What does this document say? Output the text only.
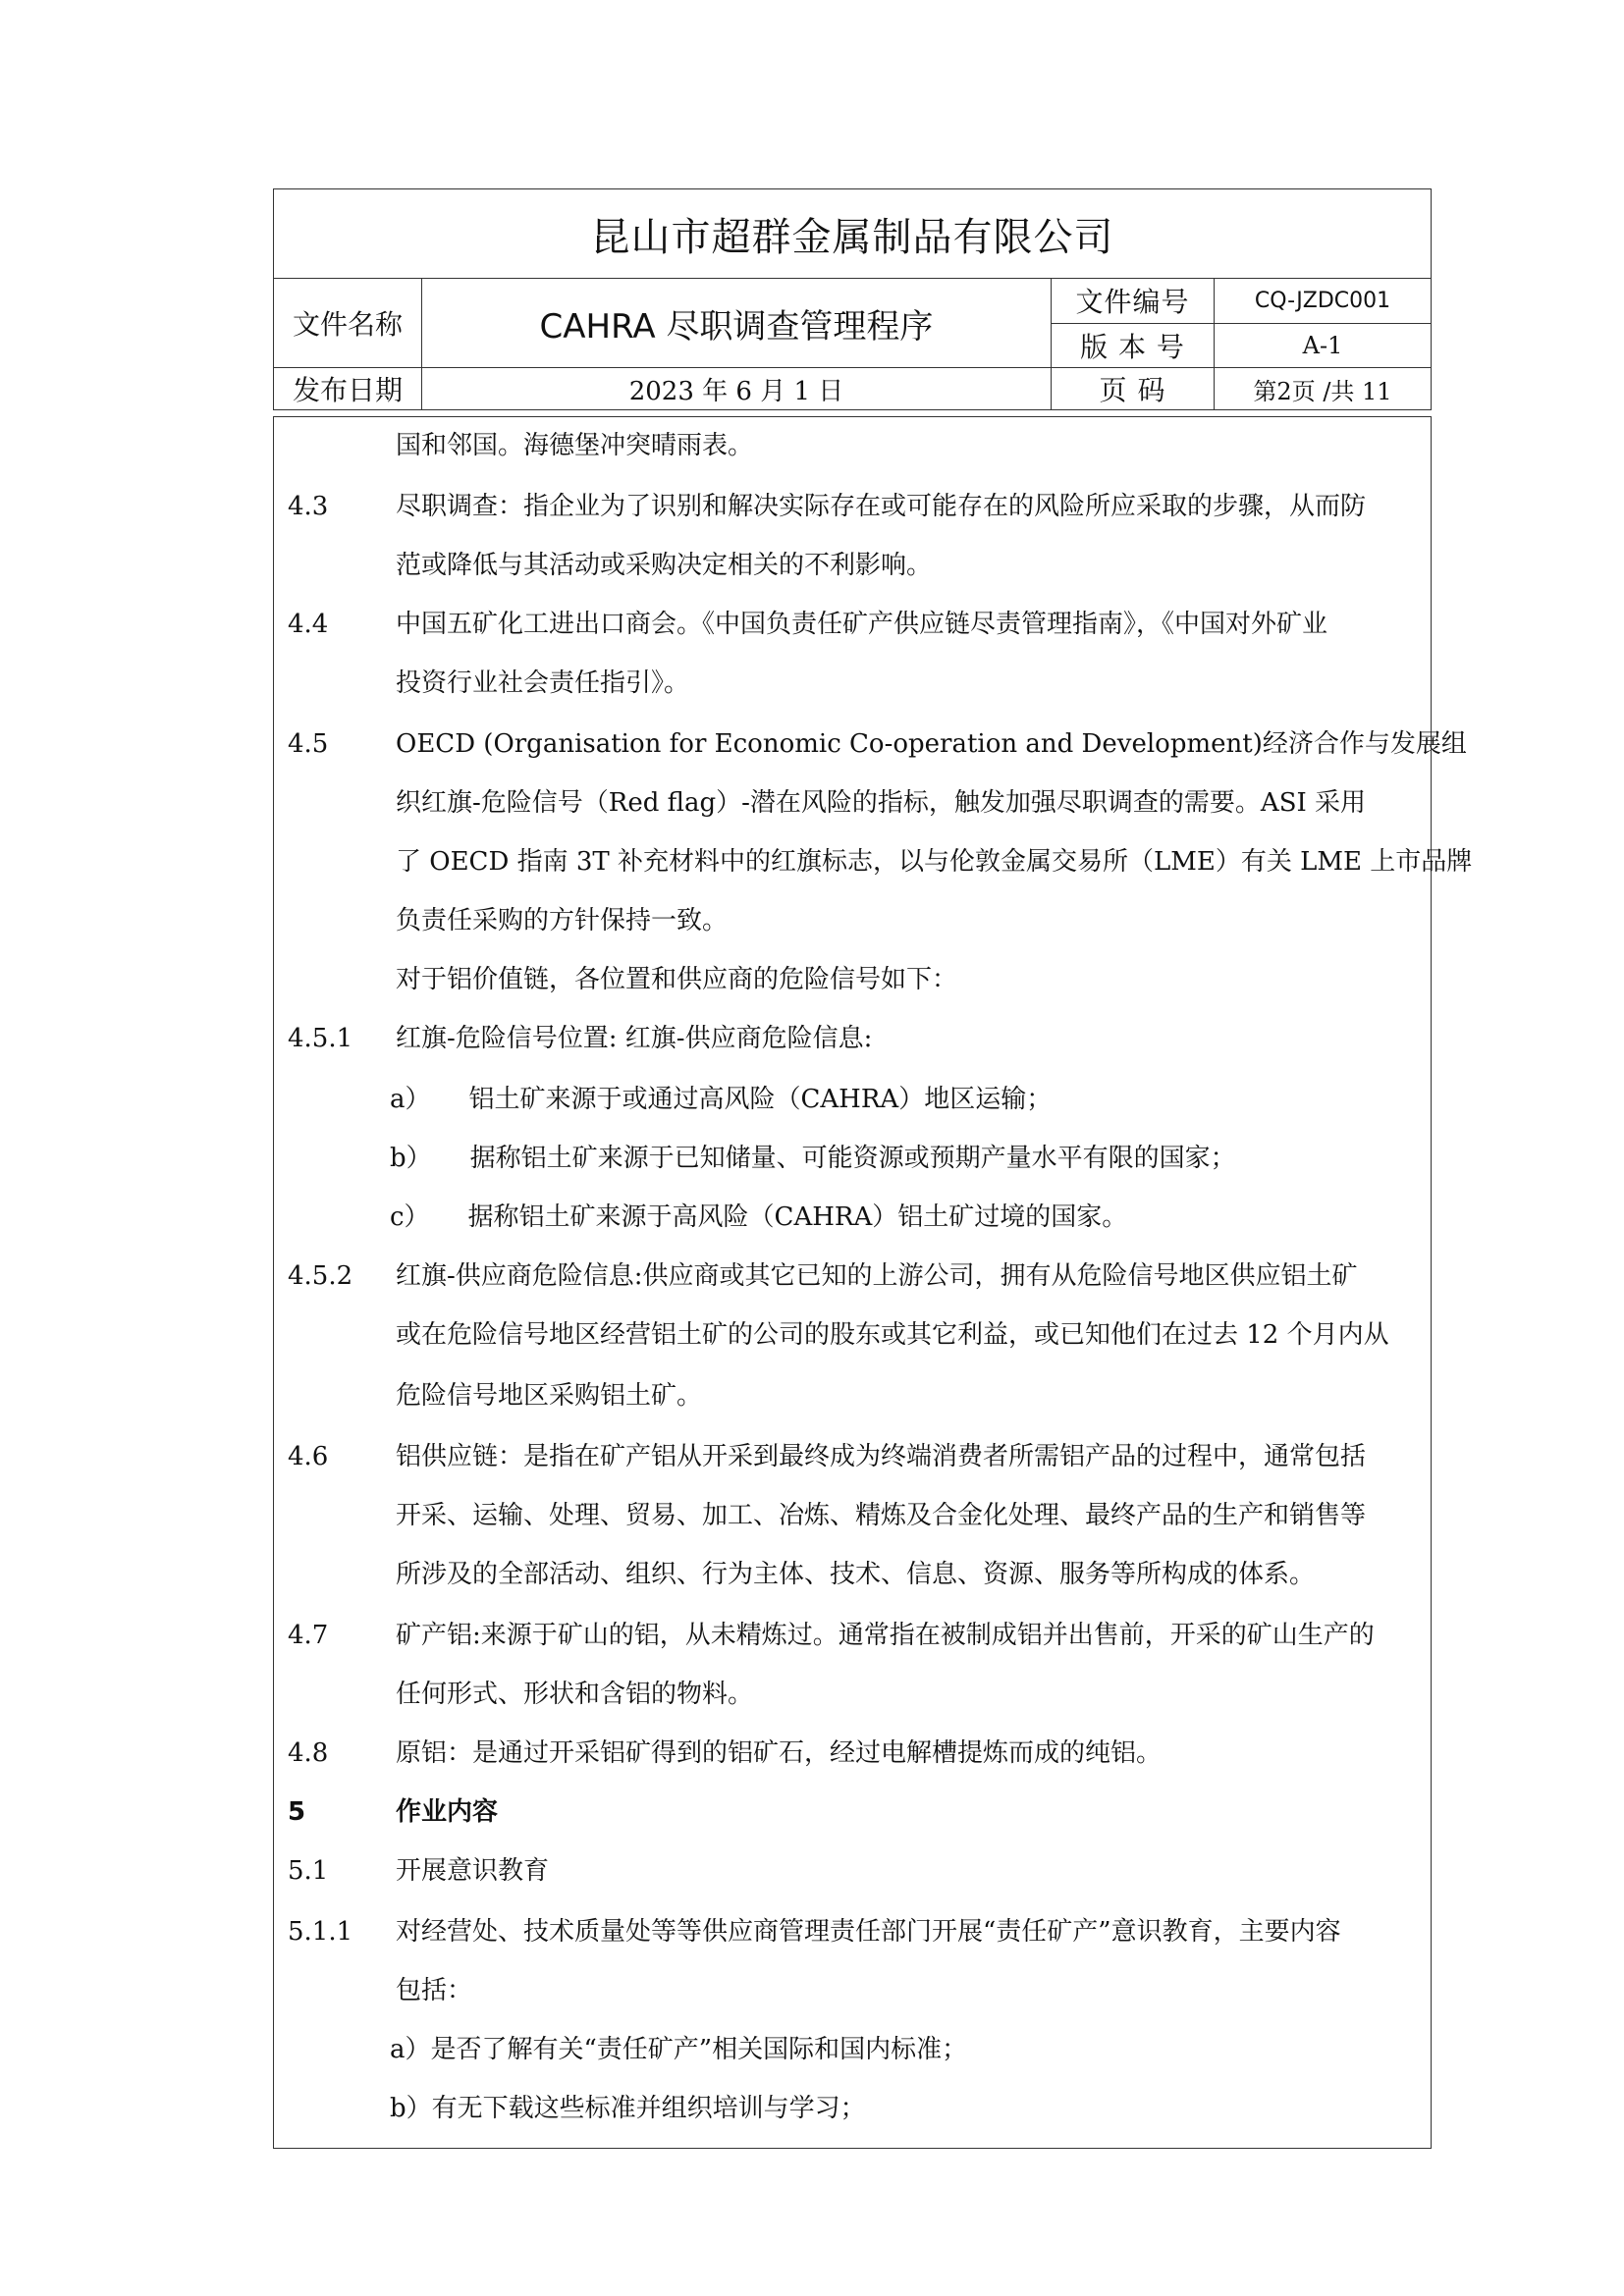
昆山市超群金属制品有限公司
文件名称	CAHRA 尽职调查管理程序
文件编号	CQ-JZDC001
版 本 号	A-1
发布日期	2023 年 6 月 1 日	页 码	第2页 /共 11
国和邻国。海德堡冲突晴雨表。
4.3	尽职调查：指企业为了识别和解决实际存在或可能存在的风险所应采取的步骤，从而防
范或降低与其活动或采购决定相关的不利影响。
4.4	中国五矿化工进出口商会。《中国负责任矿产供应链尽责管理指南》，《中国对外矿业
投资行业社会责任指引》。
4.5	OECD (Organisation for Economic Co-operation and Development)经济合作与发展组
织红旗-危险信号（Red flag）-潜在风险的指标，触发加强尽职调查的需要。ASI 采用
了 OECD 指南 3T 补充材料中的红旗标志，以与伦敦金属交易所（LME）有关 LME 上市品牌
负责任采购的方针保持一致。
对于铝价值链，各位置和供应商的危险信号如下：
4.5.1 红旗-危险信号位置: 红旗-供应商危险信息:
a）　　铝土矿来源于或通过高风险（CAHRA）地区运输；
b）　　据称铝土矿来源于已知储量、可能资源或预期产量水平有限的国家；
c）　　据称铝土矿来源于高风险（CAHRA）铝土矿过境的国家。
4.5.2 红旗-供应商危险信息:供应商或其它已知的上游公司，拥有从危险信号地区供应铝土矿
或在危险信号地区经营铝土矿的公司的股东或其它利益，或已知他们在过去 12 个月内从
危险信号地区采购铝土矿。
4.6	铝供应链：是指在矿产铝从开采到最终成为终端消费者所需铝产品的过程中，通常包括
开采、运输、处理、贸易、加工、冶炼、精炼及合金化处理、最终产品的生产和销售等
所涉及的全部活动、组织、行为主体、技术、信息、资源、服务等所构成的体系。
4.7	矿产铝:来源于矿山的铝，从未精炼过。通常指在被制成铝并出售前，开采的矿山生产的
任何形式、形状和含铝的物料。
4.8	原铝：是通过开采铝矿得到的铝矿石，经过电解槽提炼而成的纯铝。
5	作业内容
5.1	开展意识教育
5.1.1 对经营处、技术质量处等等供应商管理责任部门开展“责任矿产”意识教育，主要内容
包括：
a）是否了解有关“责任矿产”相关国际和国内标准；
b）有无下载这些标准并组织培训与学习；
